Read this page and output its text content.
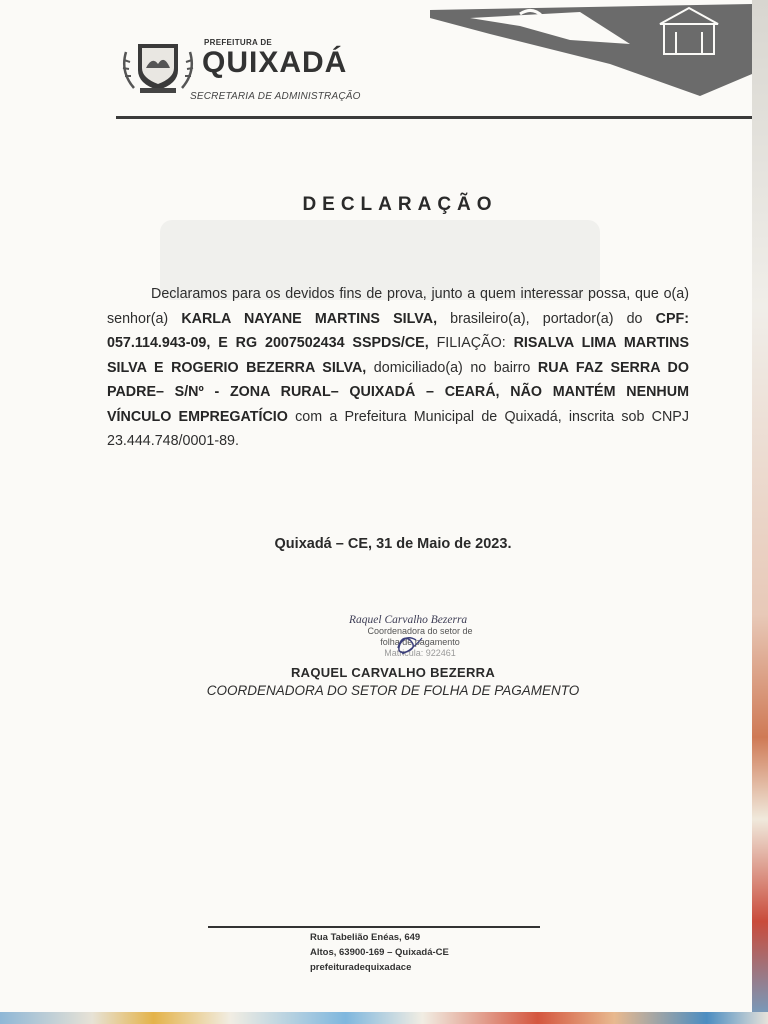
PREFEITURA DE
QUIXADÁ
SECRETARIA DE ADMINISTRAÇÃO
DECLARAÇÃO
Declaramos para os devidos fins de prova, junto a quem interessar possa, que o(a) senhor(a) KARLA NAYANE MARTINS SILVA, brasileiro(a), portador(a) do CPF: 057.114.943-09, E RG 2007502434 SSPDS/CE, FILIAÇÃO: RISALVA LIMA MARTINS SILVA E ROGERIO BEZERRA SILVA, domiciliado(a) no bairro RUA FAZ SERRA DO PADRE– S/Nº - ZONA RURAL– QUIXADÁ – CEARÁ, NÃO MANTÉM NENHUM VÍNCULO EMPREGATÍCIO com a Prefeitura Municipal de Quixadá, inscrita sob CNPJ 23.444.748/0001-89.
Quixadá – CE, 31 de Maio de 2023.
Raquel Carvalho Bezerra
Coordenadora do setor de
folha de pagamento
Matricula: 922461
RAQUEL CARVALHO BEZERRA
COORDENADORA DO SETOR DE FOLHA DE PAGAMENTO
Rua Tabelião Enéas, 649
Altos, 63900-169 – Quixadá-CE
prefeituradequixadace
